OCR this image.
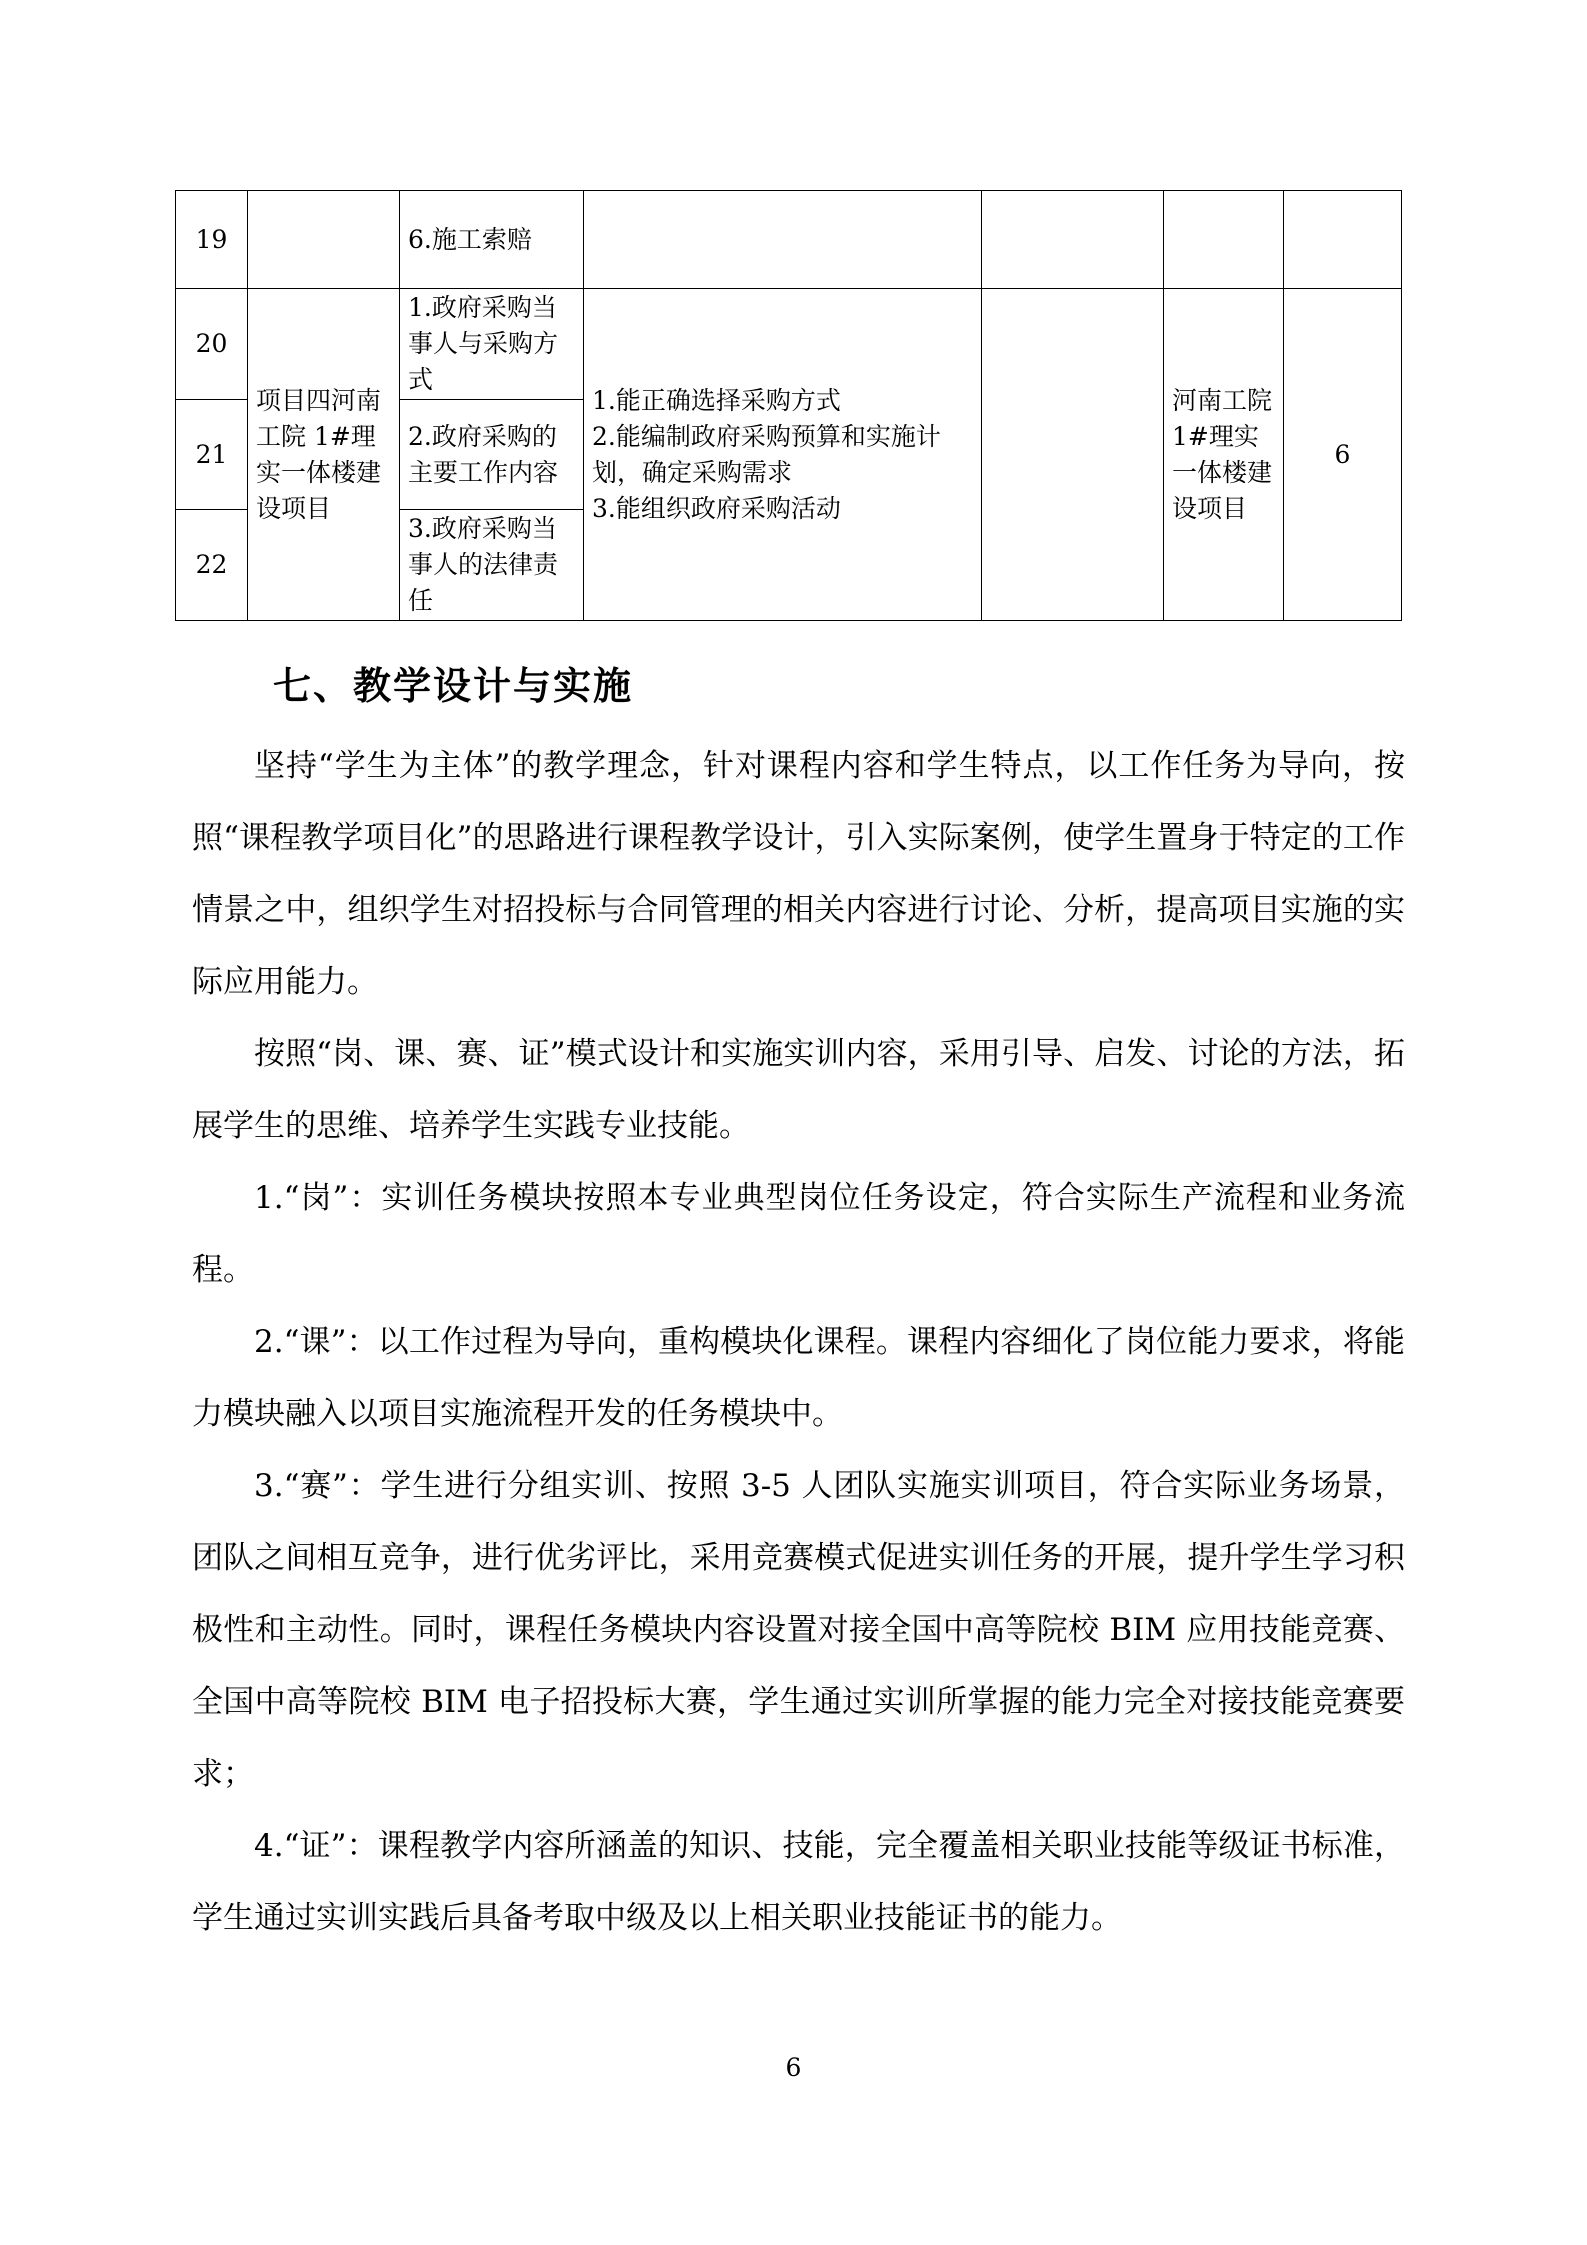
19		6.施工索赔				
20	项目四河南工院 1#理实一体楼建设项目	1.政府采购当事人与采购方式	1.能正确选择采购方式
2.能编制政府采购预算和实施计划，确定采购需求
3.能组织政府采购活动		河南工院 1#理实一体楼建设项目	6
21		2.政府采购的主要工作内容				
22		3.政府采购当事人的法律责任				
七、教学设计与实施

坚持“学生为主体”的教学理念，针对课程内容和学生特点，以工作任务为导向，按照“课程教学项目化”的思路进行课程教学设计，引入实际案例，使学生置身于特定的工作情景之中，组织学生对招投标与合同管理的相关内容进行讨论、分析，提高项目实施的实际应用能力。

按照“岗、课、赛、证”模式设计和实施实训内容，采用引导、启发、讨论的方法，拓展学生的思维、培养学生实践专业技能。

1.“岗”：实训任务模块按照本专业典型岗位任务设定，符合实际生产流程和业务流程。

2.“课”：以工作过程为导向，重构模块化课程。课程内容细化了岗位能力要求，将能力模块融入以项目实施流程开发的任务模块中。

3.“赛”：学生进行分组实训、按照 3-5 人团队实施实训项目，符合实际业务场景，团队之间相互竞争，进行优劣评比，采用竞赛模式促进实训任务的开展，提升学生学习积极性和主动性。同时，课程任务模块内容设置对接全国中高等院校 BIM 应用技能竞赛、全国中高等院校 BIM 电子招投标大赛，学生通过实训所掌握的能力完全对接技能竞赛要求；

4.“证”：课程教学内容所涵盖的知识、技能，完全覆盖相关职业技能等级证书标准，学生通过实训实践后具备考取中级及以上相关职业技能证书的能力。

6
